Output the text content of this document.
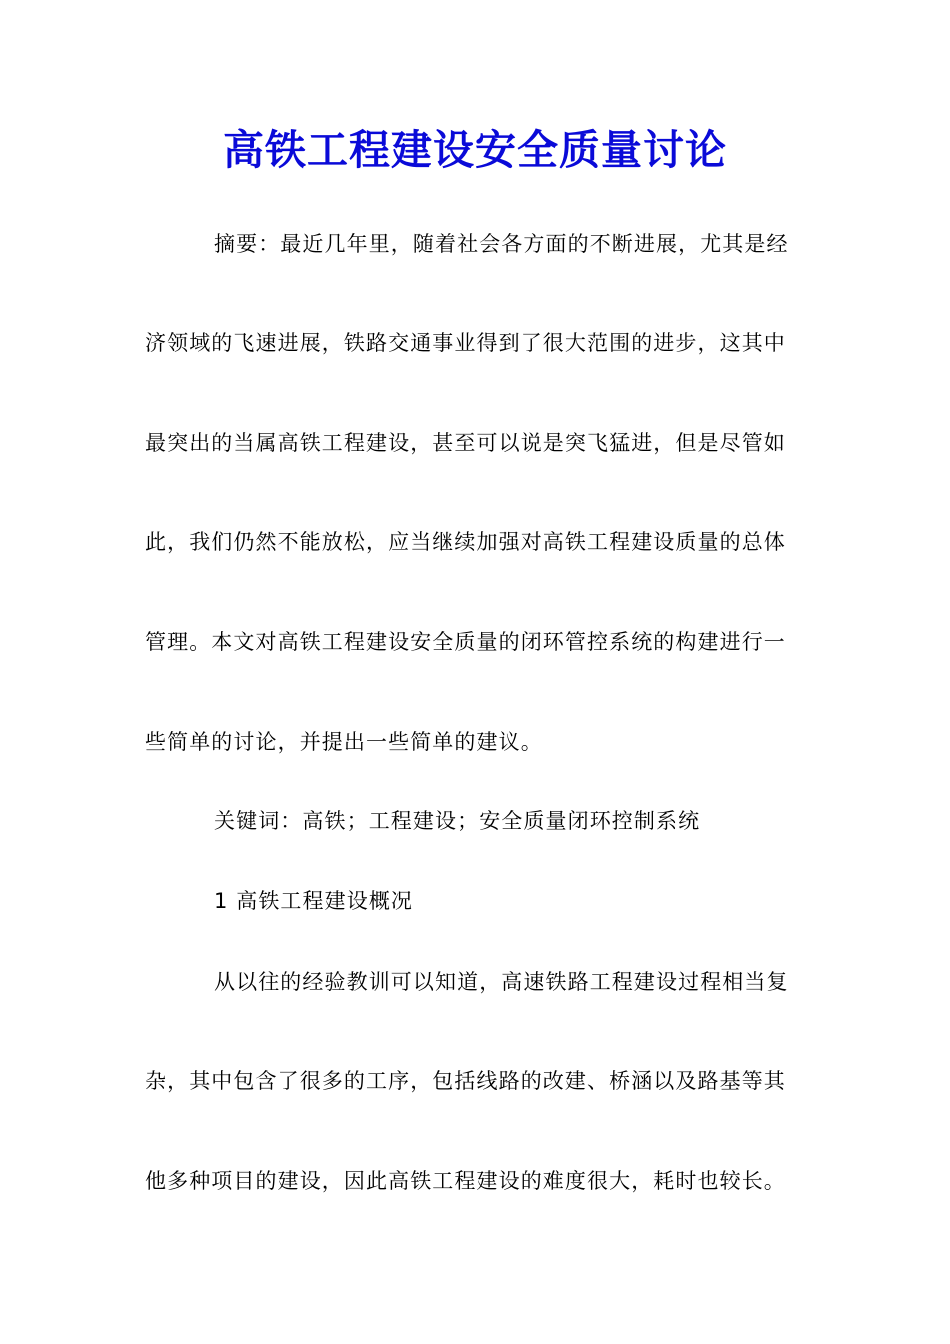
高铁工程建设安全质量讨论
摘要：最近几年里，随着社会各方面的不断进展，尤其是经
济领域的飞速进展，铁路交通事业得到了很大范围的进步，这其中
最突出的当属高铁工程建设，甚至可以说是突飞猛进，但是尽管如
此，我们仍然不能放松，应当继续加强对高铁工程建设质量的总体
管理。本文对高铁工程建设安全质量的闭环管控系统的构建进行一
些简单的讨论，并提出一些简单的建议。
关键词：高铁；工程建设；安全质量闭环控制系统
1 高铁工程建设概况
从以往的经验教训可以知道，高速铁路工程建设过程相当复
杂，其中包含了很多的工序，包括线路的改建、桥涵以及路基等其
他多种项目的建设，因此高铁工程建设的难度很大，耗时也较长。
